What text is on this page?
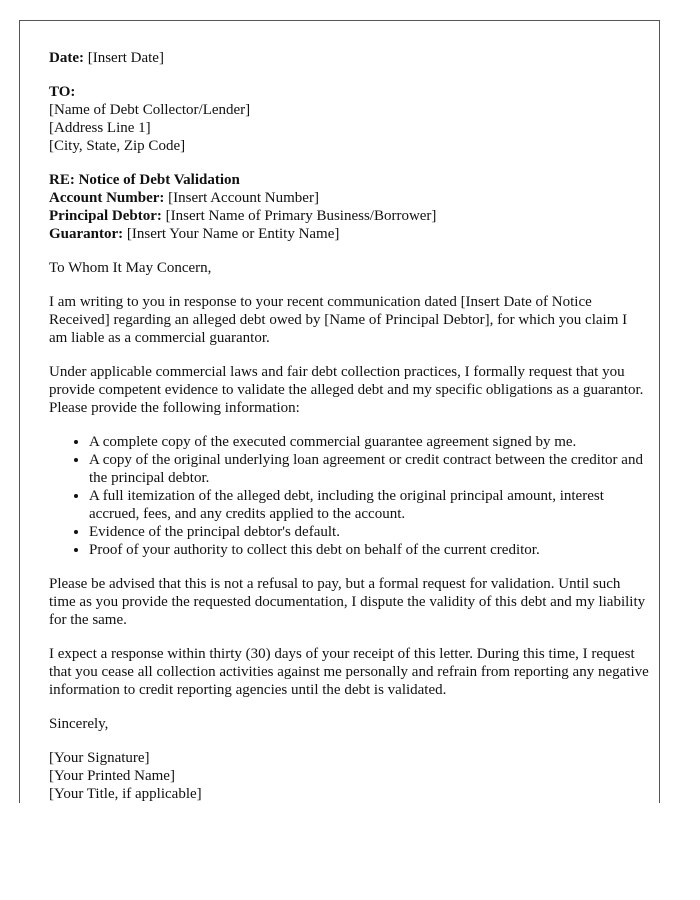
Date: [Insert Date]
TO:
[Name of Debt Collector/Lender]
[Address Line 1]
[City, State, Zip Code]
RE: Notice of Debt Validation
Account Number: [Insert Account Number]
Principal Debtor: [Insert Name of Primary Business/Borrower]
Guarantor: [Insert Your Name or Entity Name]

To Whom It May Concern,

I am writing to you in response to your recent communication dated [Insert Date of Notice Received] regarding an alleged debt owed by [Name of Principal Debtor], for which you claim I am liable as a commercial guarantor.

Under applicable commercial laws and fair debt collection practices, I formally request that you provide competent evidence to validate the alleged debt and my specific obligations as a guarantor. Please provide the following information:

• A complete copy of the executed commercial guarantee agreement signed by me.
• A copy of the original underlying loan agreement or credit contract between the creditor and the principal debtor.
• A full itemization of the alleged debt, including the original principal amount, interest accrued, fees, and any credits applied to the account.
• Evidence of the principal debtor's default.
• Proof of your authority to collect this debt on behalf of the current creditor.

Please be advised that this is not a refusal to pay, but a formal request for validation. Until such time as you provide the requested documentation, I dispute the validity of this debt and my liability for the same.

I expect a response within thirty (30) days of your receipt of this letter. During this time, I request that you cease all collection activities against me personally and refrain from reporting any negative information to credit reporting agencies until the debt is validated.

Sincerely,

[Your Signature]
[Your Printed Name]
[Your Title, if applicable]
